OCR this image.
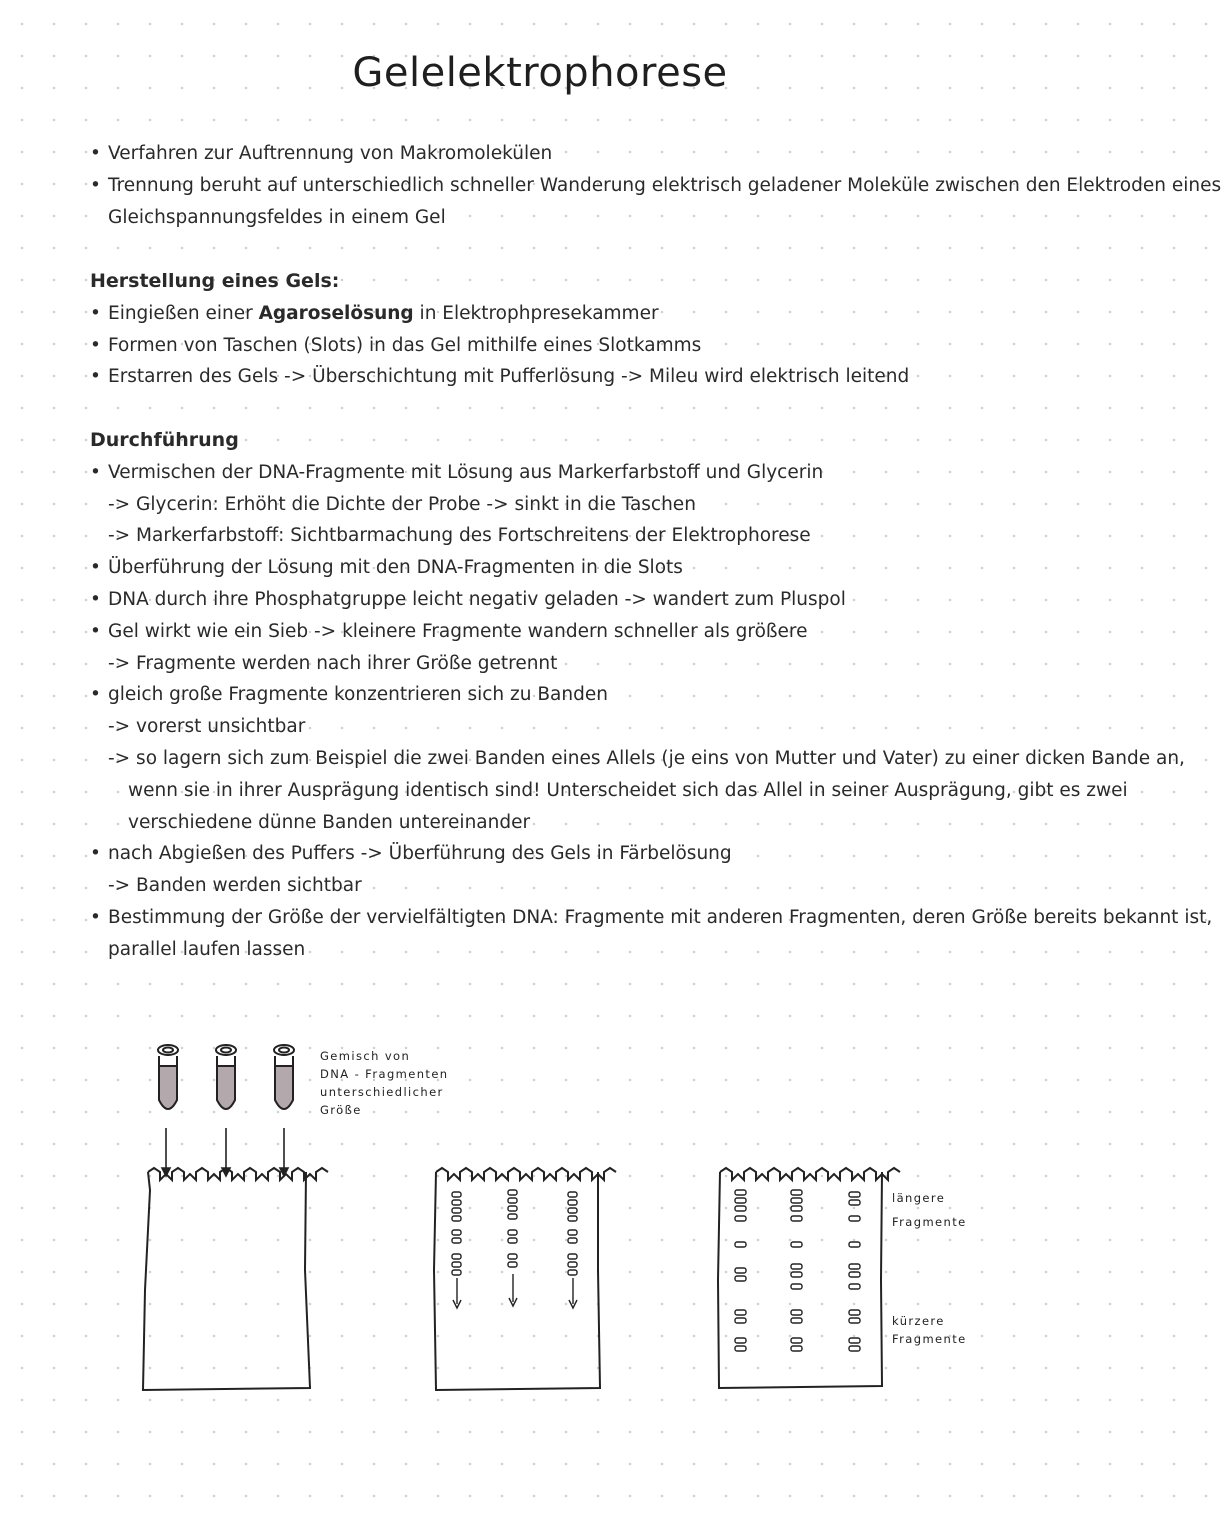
Gelelektrophorese
• Verfahren zur Auftrennung von Makromolekülen
• Trennung beruht auf unterschiedlich schneller Wanderung elektrisch geladener Moleküle zwischen den Elektroden eines
Gleichspannungsfeldes in einem Gel
Herstellung eines Gels:
• Eingießen einer Agaroselösung in Elektrophpresekammer
• Formen von Taschen (Slots) in das Gel mithilfe eines Slotkamms
• Erstarren des Gels -> Überschichtung mit Pufferlösung -> Mileu wird elektrisch leitend
Durchführung
• Vermischen der DNA-Fragmente mit Lösung aus Markerfarbstoff und Glycerin
-> Glycerin: Erhöht die Dichte der Probe -> sinkt in die Taschen
-> Markerfarbstoff: Sichtbarmachung des Fortschreitens der Elektrophorese
• Überführung der Lösung mit den DNA-Fragmenten in die Slots
• DNA durch ihre Phosphatgruppe leicht negativ geladen -> wandert zum Pluspol
• Gel wirkt wie ein Sieb -> kleinere Fragmente wandern schneller als größere
-> Fragmente werden nach ihrer Größe getrennt
• gleich große Fragmente konzentrieren sich zu Banden
-> vorerst unsichtbar
-> so lagern sich zum Beispiel die zwei Banden eines Allels (je eins von Mutter und Vater) zu einer dicken Bande an,
wenn sie in ihrer Ausprägung identisch sind! Unterscheidet sich das Allel in seiner Ausprägung, gibt es zwei
verschiedene dünne Banden untereinander
• nach Abgießen des Puffers -> Überführung des Gels in Färbelösung
-> Banden werden sichtbar
• Bestimmung der Größe der vervielfältigten DNA: Fragmente mit anderen Fragmenten, deren Größe bereits bekannt ist,
parallel laufen lassen
Gemisch von
DNA - Fragmenten
unterschiedlicher
Größe
längere
Fragmente
kürzere
Fragmente
